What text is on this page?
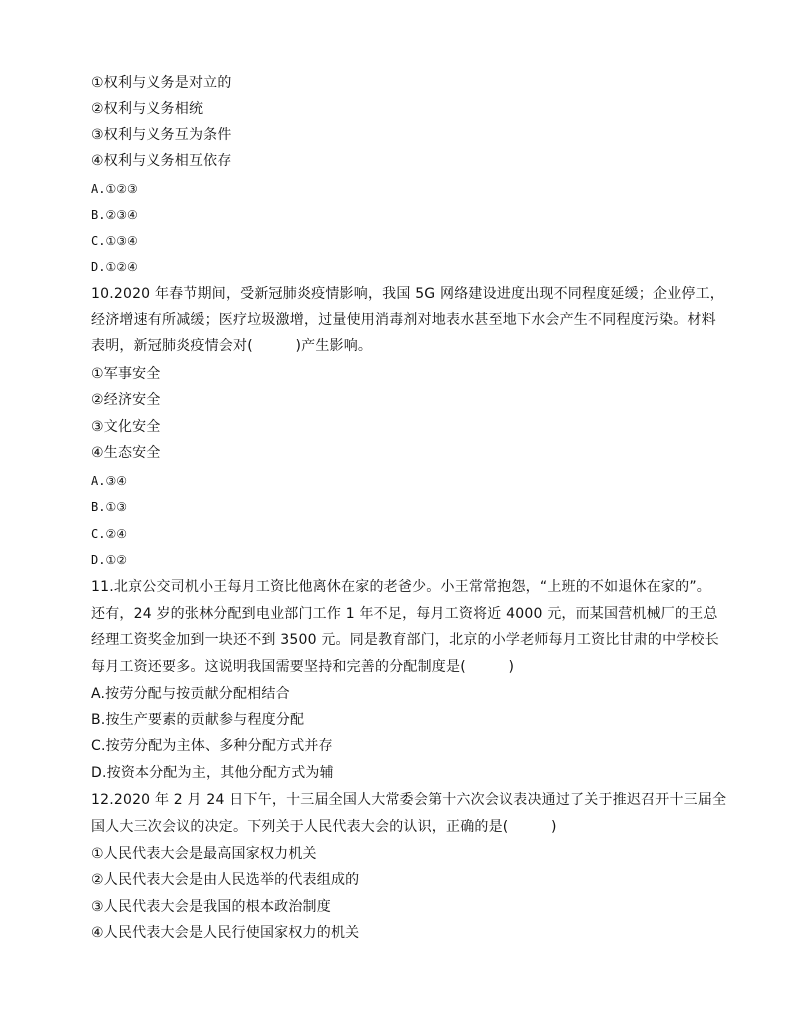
①权利与义务是对立的
②权利与义务相统
③权利与义务互为条件
④权利与义务相互依存
A.①②③
B.②③④
C.①③④
D.①②④
10.2020 年春节期间，受新冠肺炎疫情影响，我国 5G 网络建设进度出现不同程度延缓；企业停工，
经济增速有所减缓；医疗垃圾激增，过量使用消毒剂对地表水甚至地下水会产生不同程度污染。材料
表明，新冠肺炎疫情会对(　　　)产生影响。
①军事安全
②经济安全
③文化安全
④生态安全
A.③④
B.①③
C.②④
D.①②
11.北京公交司机小王每月工资比他离休在家的老爸少。小王常常抱怨，“上班的不如退休在家的”。
还有，24 岁的张林分配到电业部门工作 1 年不足，每月工资将近 4000 元，而某国营机械厂的王总
经理工资奖金加到一块还不到 3500 元。同是教育部门，北京的小学老师每月工资比甘肃的中学校长
每月工资还要多。这说明我国需要坚持和完善的分配制度是(　　　)
A.按劳分配与按贡献分配相结合
B.按生产要素的贡献参与程度分配
C.按劳分配为主体、多种分配方式并存
D.按资本分配为主，其他分配方式为辅
12.2020 年 2 月 24 日下午，十三届全国人大常委会第十六次会议表决通过了关于推迟召开十三届全
国人大三次会议的决定。下列关于人民代表大会的认识，正确的是(　　　)
①人民代表大会是最高国家权力机关
②人民代表大会是由人民选举的代表组成的
③人民代表大会是我国的根本政治制度
④人民代表大会是人民行使国家权力的机关
